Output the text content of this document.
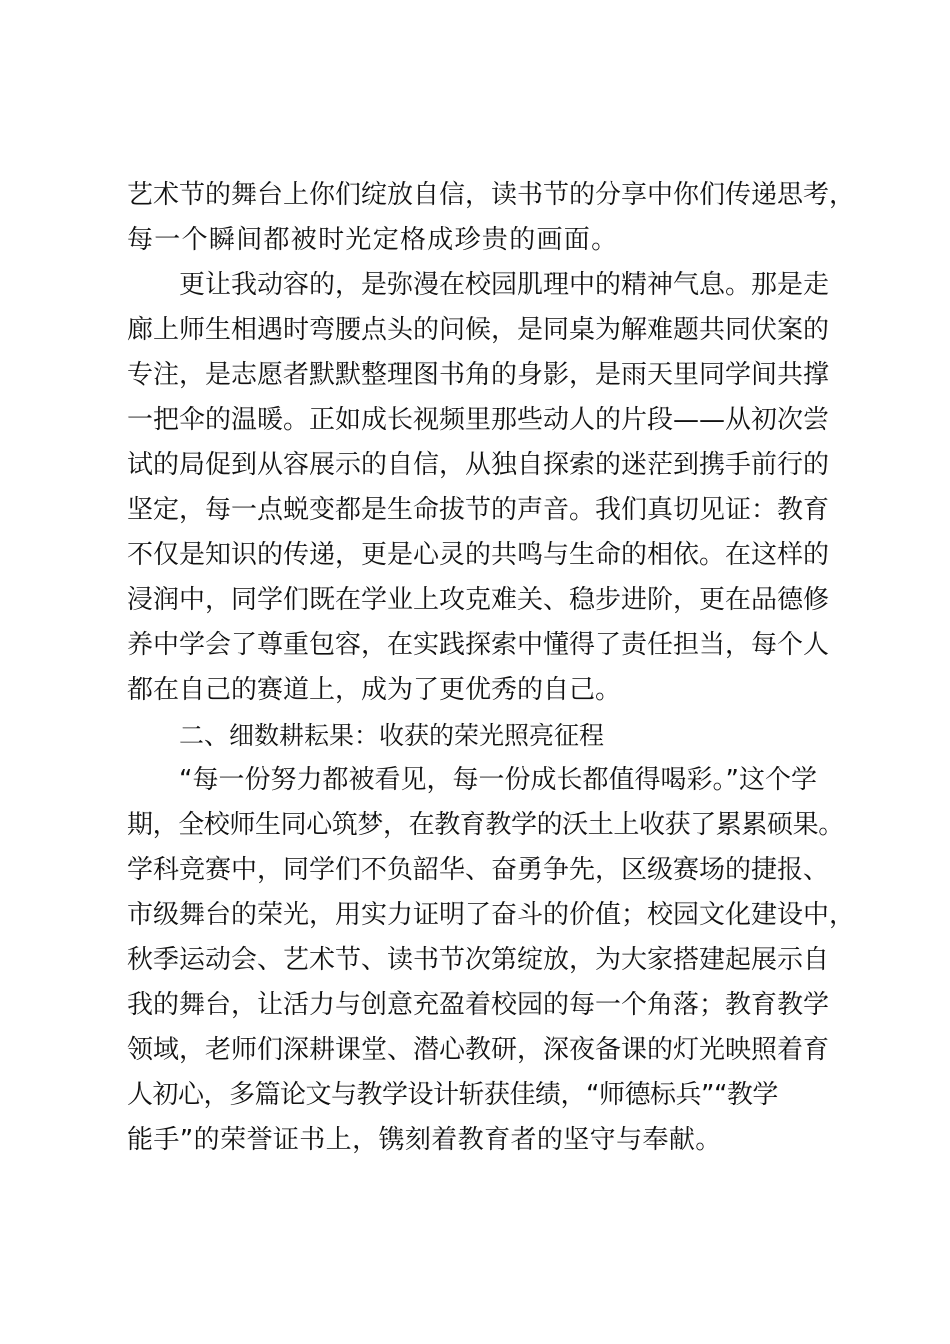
艺术节的舞台上你们绽放自信，读书节的分享中你们传递思考，
每一个瞬间都被时光定格成珍贵的画面。
更让我动容的，是弥漫在校园肌理中的精神气息。那是走
廊上师生相遇时弯腰点头的问候，是同桌为解难题共同伏案的
专注，是志愿者默默整理图书角的身影，是雨天里同学间共撑
一把伞的温暖。正如成长视频里那些动人的片段——从初次尝
试的局促到从容展示的自信，从独自探索的迷茫到携手前行的
坚定，每一点蜕变都是生命拔节的声音。我们真切见证：教育
不仅是知识的传递，更是心灵的共鸣与生命的相依。在这样的
浸润中，同学们既在学业上攻克难关、稳步进阶，更在品德修
养中学会了尊重包容，在实践探索中懂得了责任担当，每个人
都在自己的赛道上，成为了更优秀的自己。
二、细数耕耘果：收获的荣光照亮征程
“每一份努力都被看见，每一份成长都值得喝彩。”这个学
期，全校师生同心筑梦，在教育教学的沃土上收获了累累硕果。
学科竞赛中，同学们不负韶华、奋勇争先，区级赛场的捷报、
市级舞台的荣光，用实力证明了奋斗的价值；校园文化建设中，
秋季运动会、艺术节、读书节次第绽放，为大家搭建起展示自
我的舞台，让活力与创意充盈着校园的每一个角落；教育教学
领域，老师们深耕课堂、潜心教研，深夜备课的灯光映照着育
人初心，多篇论文与教学设计斩获佳绩，“师德标兵”“教学
能手”的荣誉证书上，镌刻着教育者的坚守与奉献。
